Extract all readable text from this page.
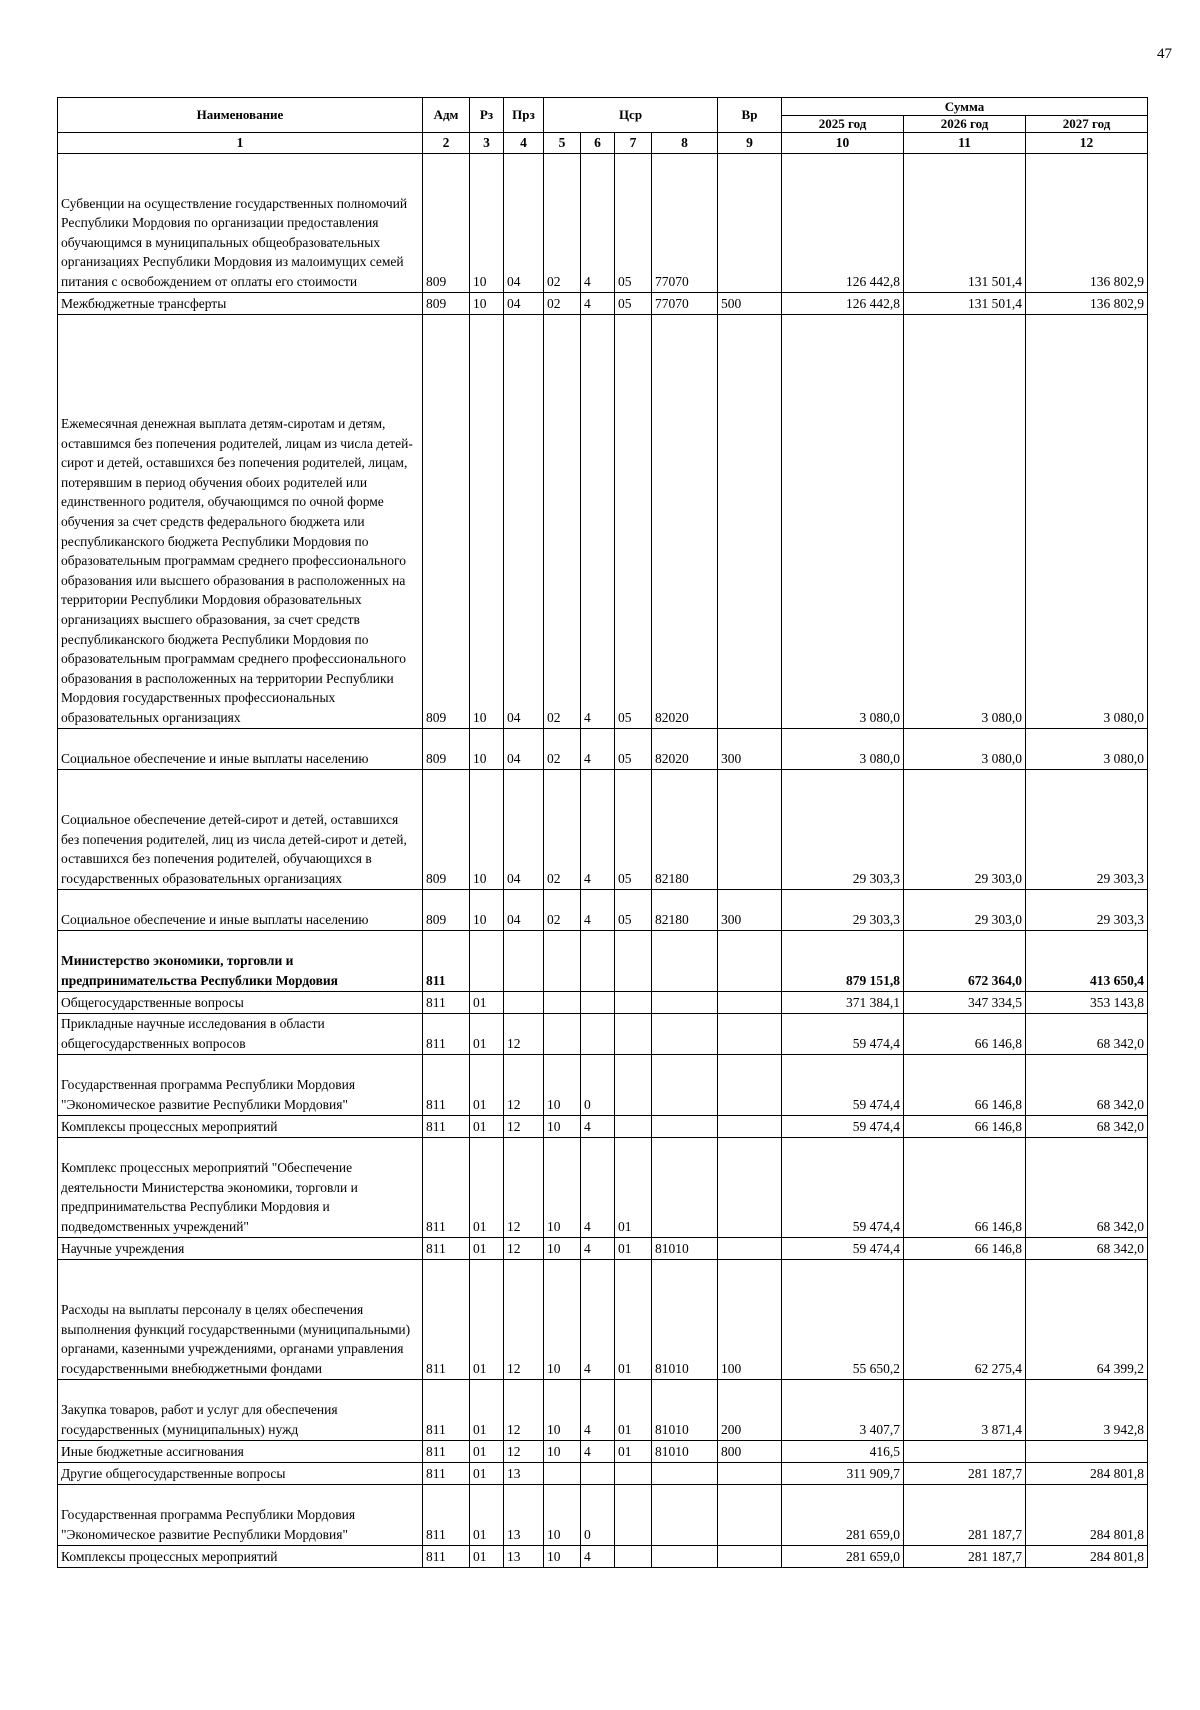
47
Наименование	Адм	Рз	Прз	Цср				Вр	Сумма		
									2025 год	2026 год	2027 год
1	2	3	4	5	6	7	8	9	10	11	12
Субвенции на осуществление государственных полномочий Республики Мордовия по организации предоставления обучающимся в муниципальных общеобразовательных организациях Республики Мордовия из малоимущих семей питания с освобождением от оплаты его стоимости	809	10	04	02	4	05	77070		126 442,8	131 501,4	136 802,9
Межбюджетные трансферты	809	10	04	02	4	05	77070	500	126 442,8	131 501,4	136 802,9
Ежемесячная денежная выплата детям-сиротам и детям, оставшимся без попечения родителей, лицам из числа детей-сирот и детей, оставшихся без попечения родителей, лицам, потерявшим в период обучения обоих родителей или единственного родителя, обучающимся по очной форме обучения за счет средств федерального бюджета или республиканского бюджета Республики Мордовия по образовательным программам среднего профессионального образования или высшего образования в расположенных на территории Республики Мордовия образовательных организациях высшего образования, за счет средств республиканского бюджета Республики Мордовия по образовательным программам среднего профессионального образования в расположенных на территории Республики Мордовия государственных профессиональных образовательных организациях	809	10	04	02	4	05	82020		3 080,0	3 080,0	3 080,0
Социальное обеспечение и иные выплаты населению	809	10	04	02	4	05	82020	300	3 080,0	3 080,0	3 080,0
Социальное обеспечение детей-сирот и детей, оставшихся без попечения родителей, лиц из числа детей-сирот и детей, оставшихся без попечения родителей, обучающихся в государственных образовательных организациях	809	10	04	02	4	05	82180		29 303,3	29 303,0	29 303,3
Социальное обеспечение и иные выплаты населению	809	10	04	02	4	05	82180	300	29 303,3	29 303,0	29 303,3
Министерство экономики, торговли и предпринимательства Республики Мордовия	811								879 151,8	672 364,0	413 650,4
Общегосударственные вопросы	811	01							371 384,1	347 334,5	353 143,8
Прикладные научные исследования в области общегосударственных вопросов	811	01	12						59 474,4	66 146,8	68 342,0
Государственная программа Республики Мордовия "Экономическое развитие Республики Мордовия"	811	01	12	10	0				59 474,4	66 146,8	68 342,0
Комплексы процессных мероприятий	811	01	12	10	4				59 474,4	66 146,8	68 342,0
Комплекс процессных мероприятий "Обеспечение деятельности Министерства экономики, торговли и предпринимательства Республики Мордовия и подведомственных учреждений"	811	01	12	10	4	01			59 474,4	66 146,8	68 342,0
Научные учреждения	811	01	12	10	4	01	81010		59 474,4	66 146,8	68 342,0
Расходы на выплаты персоналу в целях обеспечения выполнения функций государственными (муниципальными) органами, казенными учреждениями, органами управления государственными внебюджетными фондами	811	01	12	10	4	01	81010	100	55 650,2	62 275,4	64 399,2
Закупка товаров, работ и услуг для обеспечения государственных (муниципальных) нужд	811	01	12	10	4	01	81010	200	3 407,7	3 871,4	3 942,8
Иные бюджетные ассигнования	811	01	12	10	4	01	81010	800	416,5		
Другие общегосударственные вопросы	811	01	13						311 909,7	281 187,7	284 801,8
Государственная программа Республики Мордовия "Экономическое развитие Республики Мордовия"	811	01	13	10	0				281 659,0	281 187,7	284 801,8
Комплексы процессных мероприятий	811	01	13	10	4				281 659,0	281 187,7	284 801,8
